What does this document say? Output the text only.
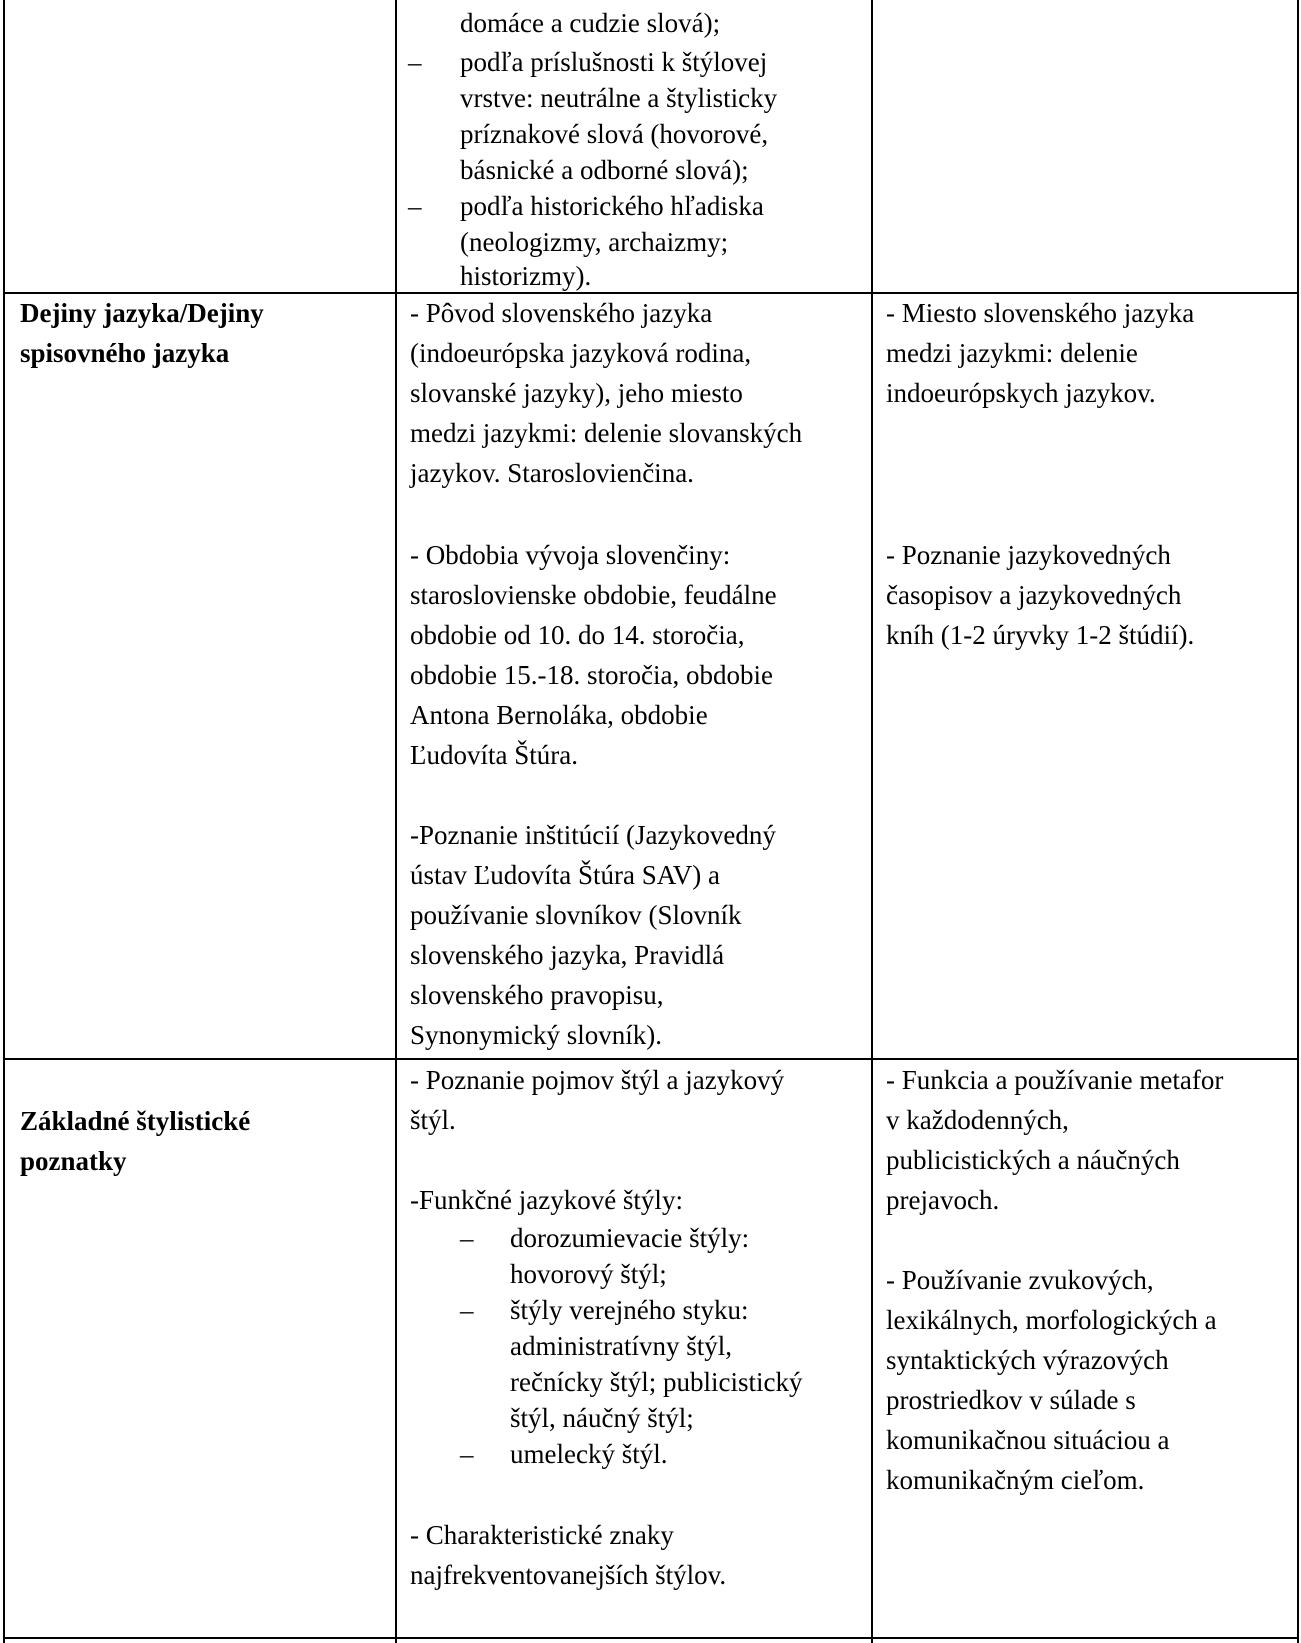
domáce a cudzie slová);
– podľa príslušnosti k štýlovej
vrstve: neutrálne a štylisticky
príznakové slová (hovorové,
básnické a odborné slová);
– podľa historického hľadiska
(neologizmy, archaizmy;
historizmy).
Dejiny jazyka/Dejiny
spisovného jazyka
- Pôvod slovenského jazyka
(indoeurópska jazyková rodina,
slovanské jazyky), jeho miesto
medzi jazykmi: delenie slovanských
jazykov. Staroslovienčina.
- Obdobia vývoja slovenčiny:
staroslovienske obdobie, feudálne
obdobie od 10. do 14. storočia,
obdobie 15.-18. storočia, obdobie
Antona Bernoláka, obdobie
Ľudovíta Štúra.
-Poznanie inštitúcií (Jazykovedný
ústav Ľudovíta Štúra SAV) a
používanie slovníkov (Slovník
slovenského jazyka, Pravidlá
slovenského pravopisu,
Synonymický slovník).
- Miesto slovenského jazyka
medzi jazykmi: delenie
indoeurópskych jazykov.
- Poznanie jazykovedných
časopisov a jazykovedných
kníh (1-2 úryvky 1-2 štúdií).
Základné štylistické
poznatky
- Poznanie pojmov štýl a jazykový
štýl.
-Funkčné jazykové štýly:
– dorozumievacie štýly:
hovorový štýl;
– štýly verejného styku:
administratívny štýl,
rečnícky štýl; publicistický
štýl, náučný štýl;
– umelecký štýl.
- Charakteristické znaky
najfrekventovanejších štýlov.
- Funkcia a používanie metafor
v každodenných,
publicistických a náučných
prejavoch.
- Používanie zvukových,
lexikálnych, morfologických a
syntaktických výrazových
prostriedkov v súlade s
komunikačnou situáciou a
komunikačným cieľom.
